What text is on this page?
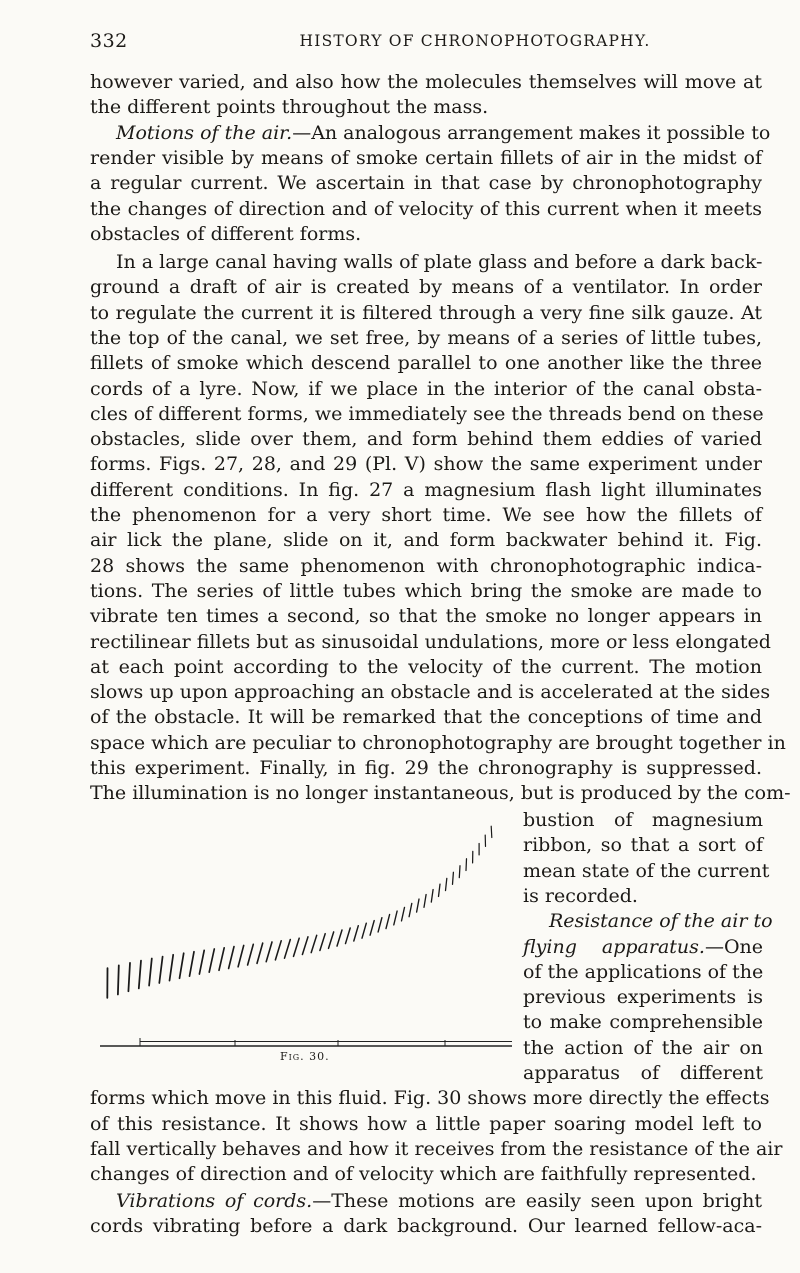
332	HISTORY OF CHRONOPHOTOGRAPHY.
however varied, and also how the molecules themselves will move at
the different points throughout the mass.
Motions of the air.—An analogous arrangement makes it possible to
render visible by means of smoke certain fillets of air in the midst of
a regular current. We ascertain in that case by chronophotography
the changes of direction and of velocity of this current when it meets
obstacles of different forms.
In a large canal having walls of plate glass and before a dark back-
ground a draft of air is created by means of a ventilator. In order
to regulate the current it is filtered through a very fine silk gauze. At
the top of the canal, we set free, by means of a series of little tubes,
fillets of smoke which descend parallel to one another like the three
cords of a lyre. Now, if we place in the interior of the canal obsta-
cles of different forms, we immediately see the threads bend on these
obstacles, slide over them, and form behind them eddies of varied
forms. Figs. 27, 28, and 29 (Pl. V) show the same experiment under
different conditions. In fig. 27 a magnesium flash light illuminates
the phenomenon for a very short time. We see how the fillets of
air lick the plane, slide on it, and form backwater behind it. Fig.
28 shows the same phenomenon with chronophotographic indica-
tions. The series of little tubes which bring the smoke are made to
vibrate ten times a second, so that the smoke no longer appears in
rectilinear fillets but as sinusoidal undulations, more or less elongated
at each point according to the velocity of the current. The motion
slows up upon approaching an obstacle and is accelerated at the sides
of the obstacle. It will be remarked that the conceptions of time and
space which are peculiar to chronophotography are brought together in
this experiment. Finally, in fig. 29 the chronography is suppressed.
The illumination is no longer instantaneous, but is produced by the com-
bustion of magnesium
ribbon, so that a sort of
mean state of the current
is recorded.
Resistance of the air to
flying apparatus.—One
of the applications of the
previous experiments is
to make comprehensible
the action of the air on
apparatus of different
forms which move in this fluid. Fig. 30 shows more directly the effects
of this resistance. It shows how a little paper soaring model left to
fall vertically behaves and how it receives from the resistance of the air
changes of direction and of velocity which are faithfully represented.
Vibrations of cords.—These motions are easily seen upon bright
cords vibrating before a dark background. Our learned fellow-aca-
Fig. 30.
